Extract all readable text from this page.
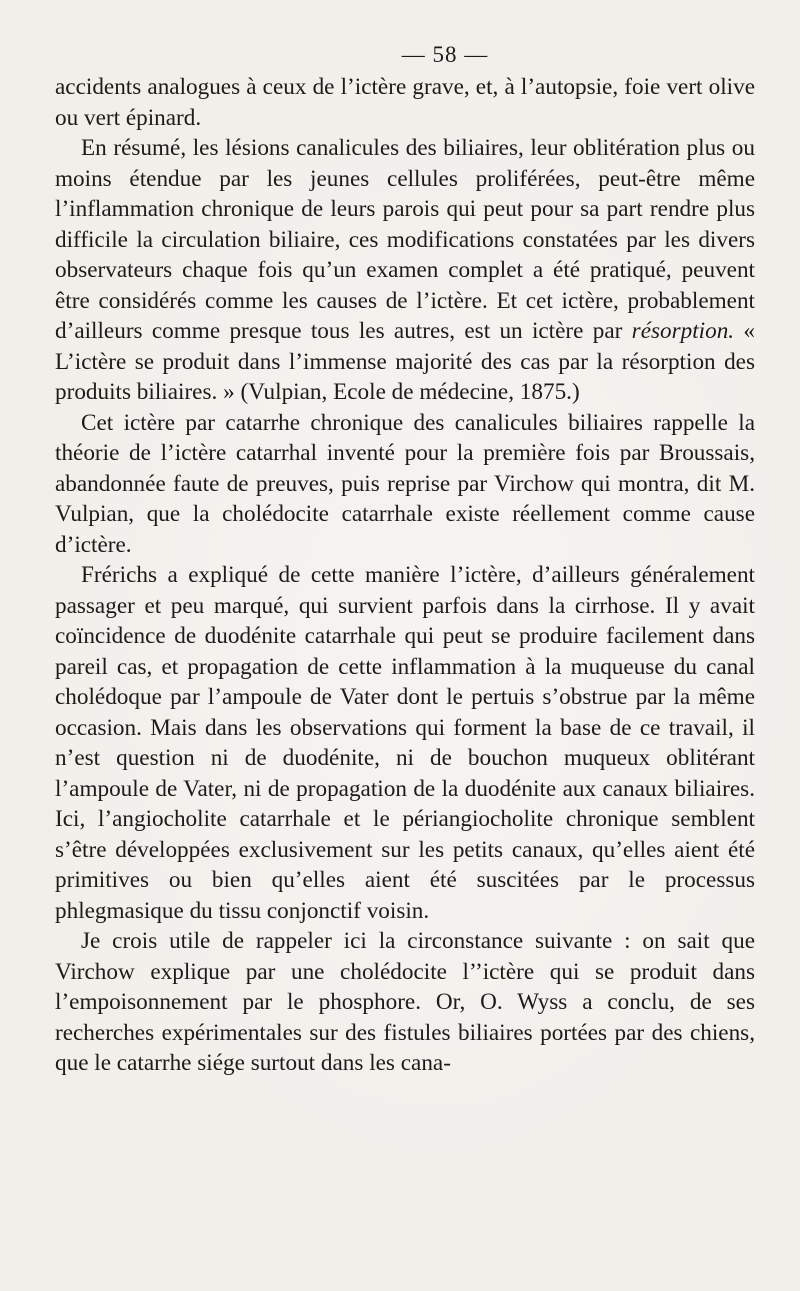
— 58 —

accidents analogues à ceux de l’ictère grave, et, à l’autopsie, foie vert olive ou vert épinard.

En résumé, les lésions canalicules des biliaires, leur oblitération plus ou moins étendue par les jeunes cellules proliférées, peut-être même l’inflammation chronique de leurs parois qui peut pour sa part rendre plus difficile la circulation biliaire, ces modifications constatées par les divers observateurs chaque fois qu’un examen complet a été pratiqué, peuvent être considérés comme les causes de l’ictère. Et cet ictère, probablement d’ailleurs comme presque tous les autres, est un ictère par résorption. « L’ictère se produit dans l’immense majorité des cas par la résorption des produits biliaires. » (Vulpian, Ecole de médecine, 1875.)

Cet ictère par catarrhe chronique des canalicules biliaires rappelle la théorie de l’ictère catarrhal inventé pour la première fois par Broussais, abandonnée faute de preuves, puis reprise par Virchow qui montra, dit M. Vulpian, que la cholédocite catarrhale existe réellement comme cause d’ictère.

Frérichs a expliqué de cette manière l’ictère, d’ailleurs généralement passager et peu marqué, qui survient parfois dans la cirrhose. Il y avait coïncidence de duodénite catarrhale qui peut se produire facilement dans pareil cas, et propagation de cette inflammation à la muqueuse du canal cholédoque par l’ampoule de Vater dont le pertuis s’obstrue par la même occasion. Mais dans les observations qui forment la base de ce travail, il n’est question ni de duodénite, ni de bouchon muqueux oblitérant l’ampoule de Vater, ni de propagation de la duodénite aux canaux biliaires. Ici, l’angiocholite catarrhale et le périangiocholite chronique semblent s’être développées exclusivement sur les petits canaux, qu’elles aient été primitives ou bien qu’elles aient été suscitées par le processus phlegmasique du tissu conjonctif voisin.

Je crois utile de rappeler ici la circonstance suivante : on sait que Virchow explique par une cholédocite l’’ictère qui se produit dans l’empoisonnement par le phosphore. Or, O. Wyss a conclu, de ses recherches expérimentales sur des fistules biliaires portées par des chiens, que le catarrhe siége surtout dans les cana-
